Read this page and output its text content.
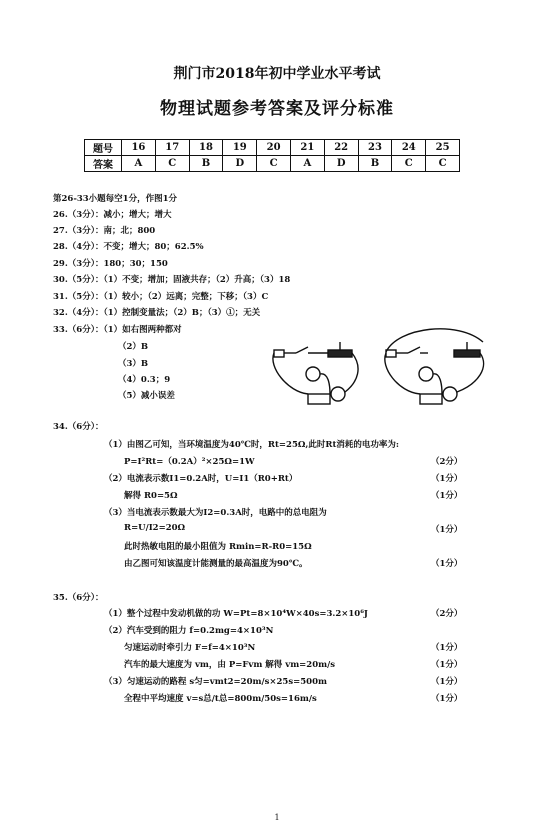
荆门市2018年初中学业水平考试
物理试题参考答案及评分标准
题号	16	17	18	19	20	21	22	23	24	25
答案	A	C	B	D	C	A	D	B	C	C
第26-33小题每空1分，作图1分
26.（3分）：减小；增大；增大
27.（3分）：南；北；800
28.（4分）：不变；增大；80；62.5%
29.（3分）：180；30；150
30.（5分）：（1）不变；增加；固液共存；（2）升高；（3）18
31.（5分）：（1）较小；（2）远离；完整；下移；（3）C
32.（4分）：（1）控制变量法；（2）B；（3）①；无关
33.（6分）：（1）如右图两种都对
（2）B
（3）B
（4）0.3；9
（5）减小误差
34.（6分）：
（1）由图乙可知，当环境温度为40℃时，Rt=25Ω,此时Rt消耗的电功率为:
P=I²Rt=（0.2A）²×25Ω=1W	（2分）
（2）电流表示数I1=0.2A时，U=I1（R0+Rt）	（1分）
解得 R0=5Ω	（1分）
（3）当电流表示数最大为I2=0.3A时，电路中的总电阻为
R=U/I2=20Ω	（1分）
此时热敏电阻的最小阻值为 Rmin=R-R0=15Ω
由乙图可知该温度计能测量的最高温度为90℃。	（1分）
35.（6分）：
（1）整个过程中发动机做的功 W=Pt=8×10⁴W×40s=3.2×10⁶J	（2分）
（2）汽车受到的阻力 f=0.2mg=4×10³N
匀速运动时牵引力 F=f=4×10³N	（1分）
汽车的最大速度为 vm，由 P=Fvm 解得 vm=20m/s	（1分）
（3）匀速运动的路程 s匀=vmt2=20m/s×25s=500m	（1分）
全程中平均速度 v=s总/t总=800m/50s=16m/s	（1分）
1
